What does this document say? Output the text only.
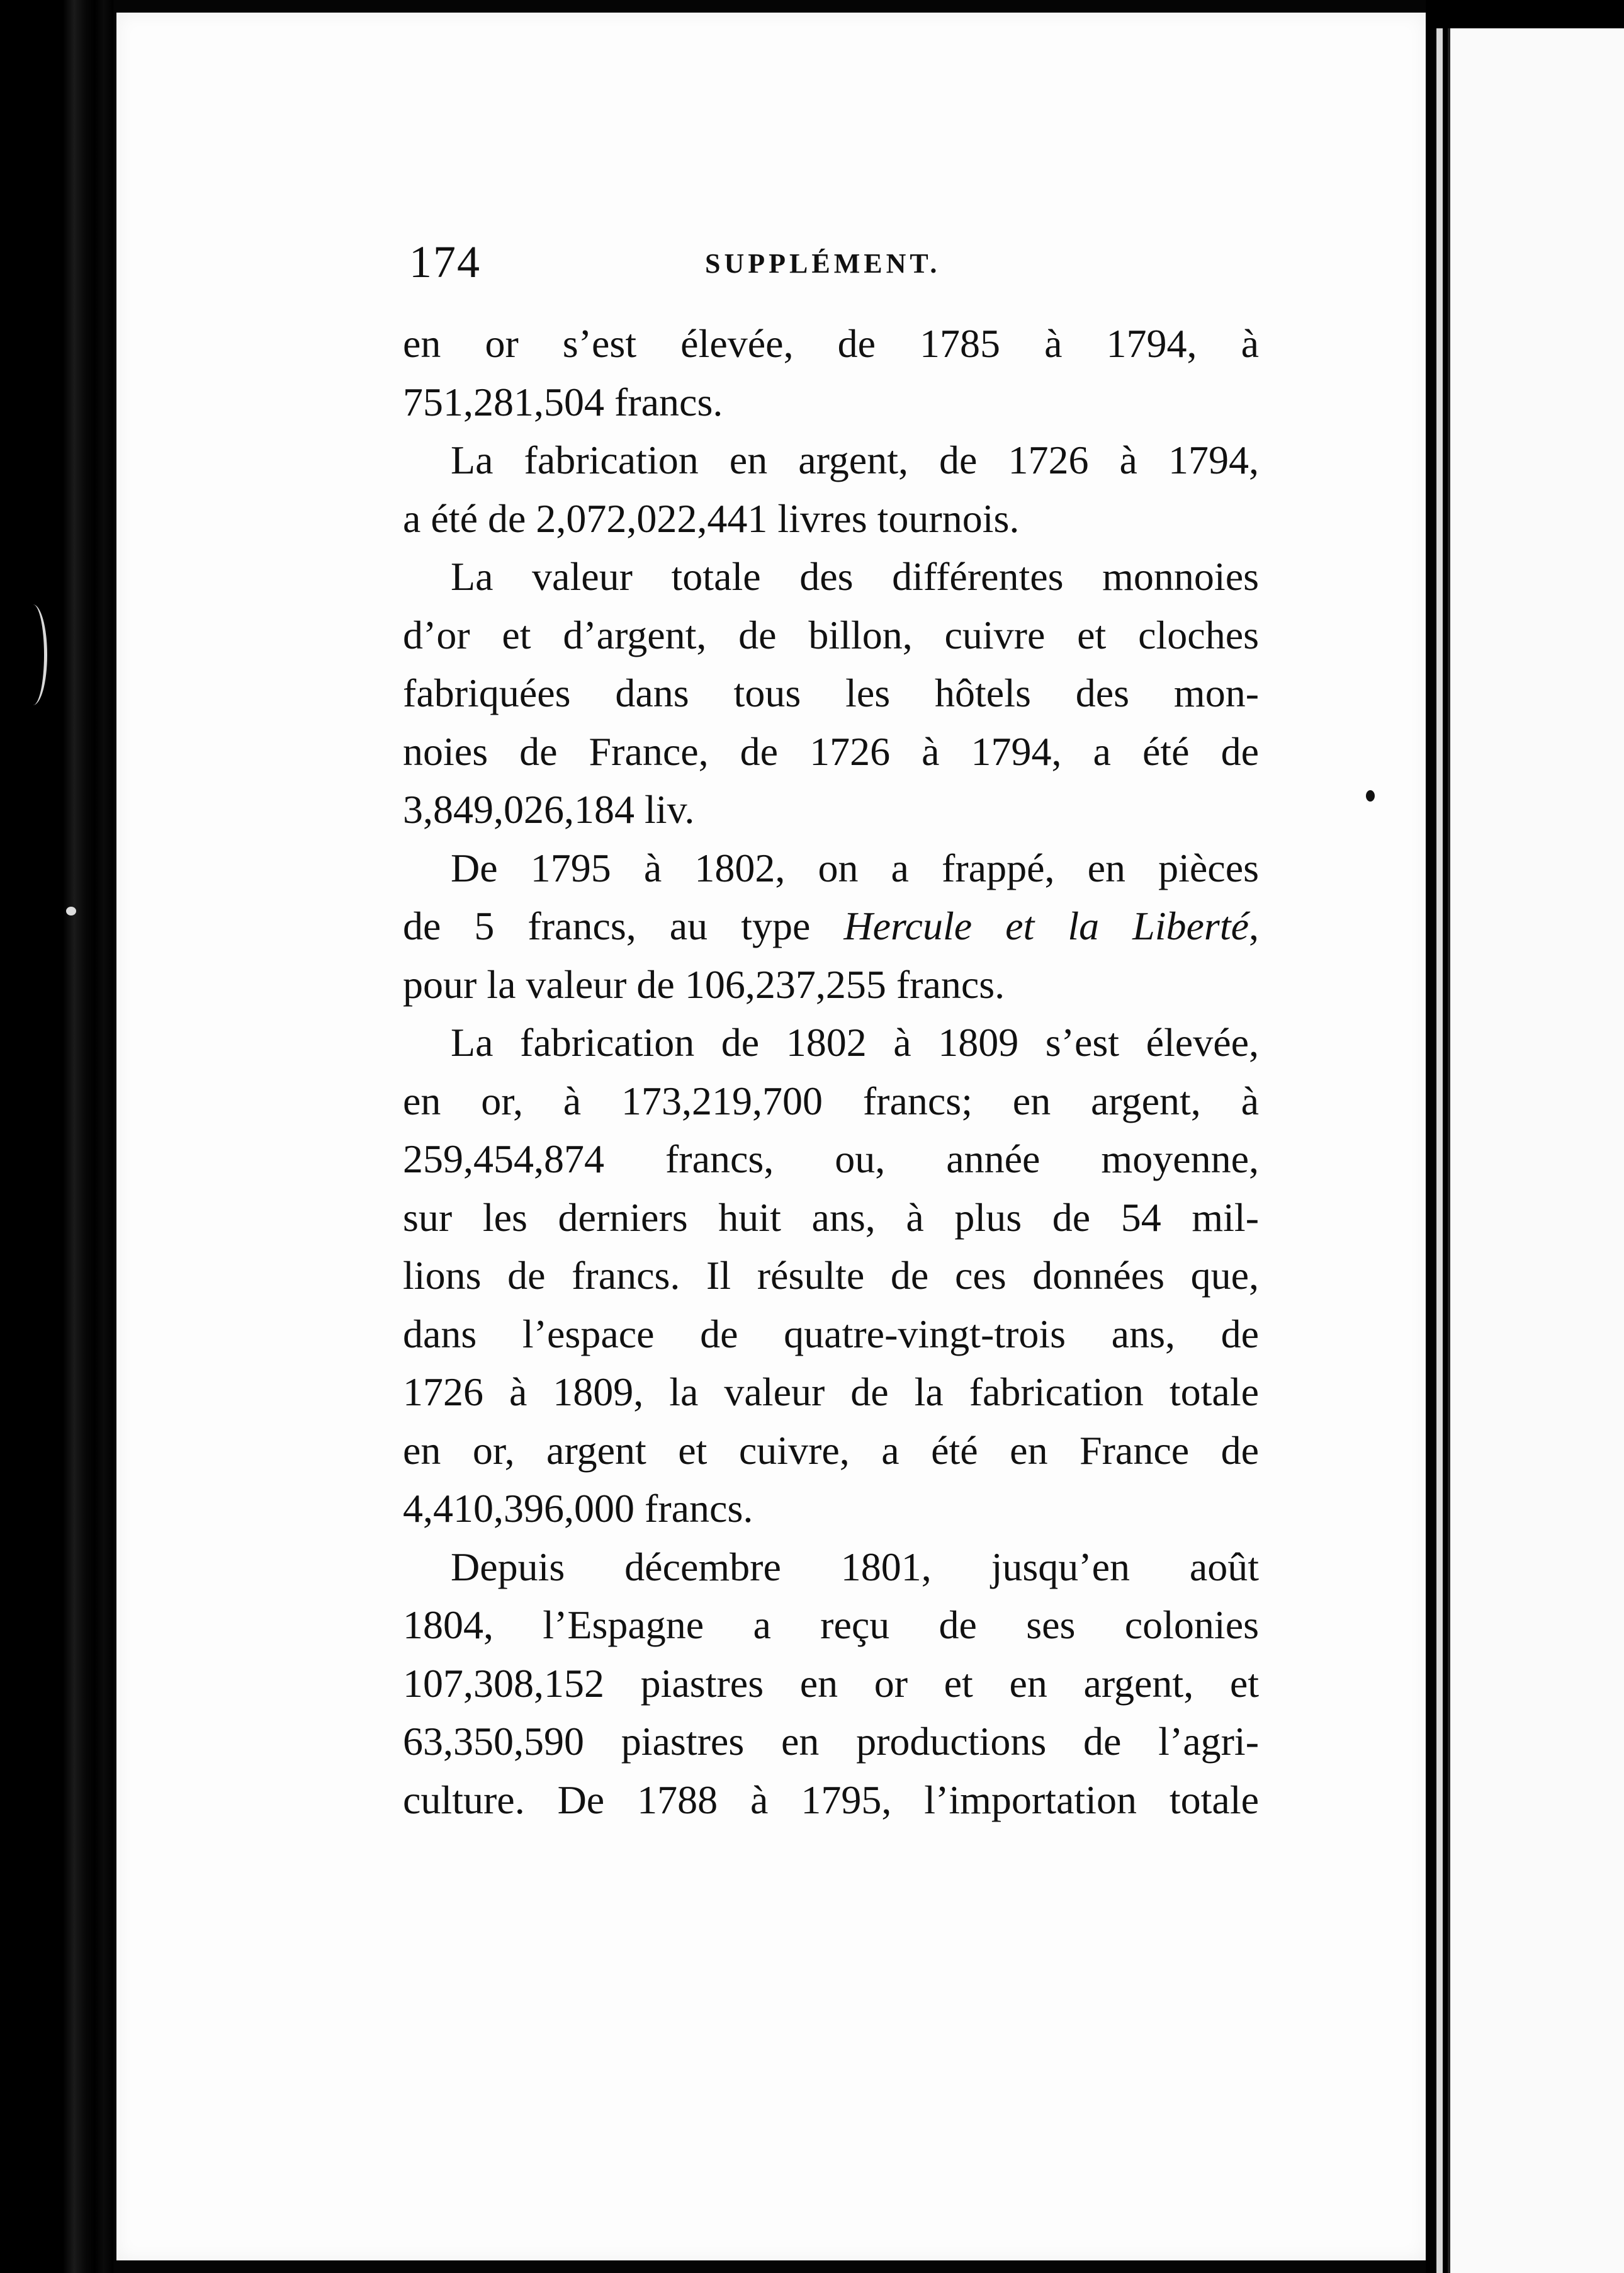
174	SUPPLÉMENT.
en or s’est élevée, de 1785 à 1794, à
751,281,504 francs.
La fabrication en argent, de 1726 à 1794,
a été de 2,072,022,441 livres tournois.
La valeur totale des différentes monnoies
d’or et d’argent, de billon, cuivre et cloches
fabriquées dans tous les hôtels des mon-
noies de France, de 1726 à 1794, a été de
3,849,026,184 liv.
De 1795 à 1802, on a frappé, en pièces
de 5 francs, au type Hercule et la Liberté,
pour la valeur de 106,237,255 francs.
La fabrication de 1802 à 1809 s’est élevée,
en or, à 173,219,700 francs; en argent, à
259,454,874 francs, ou, année moyenne,
sur les derniers huit ans, à plus de 54 mil-
lions de francs. Il résulte de ces données que,
dans l’espace de quatre-vingt-trois ans, de
1726 à 1809, la valeur de la fabrication totale
en or, argent et cuivre, a été en France de
4,410,396,000 francs.
Depuis décembre 1801, jusqu’en août
1804, l’Espagne a reçu de ses colonies
107,308,152 piastres en or et en argent, et
63,350,590 piastres en productions de l’agri-
culture. De 1788 à 1795, l’importation totale
